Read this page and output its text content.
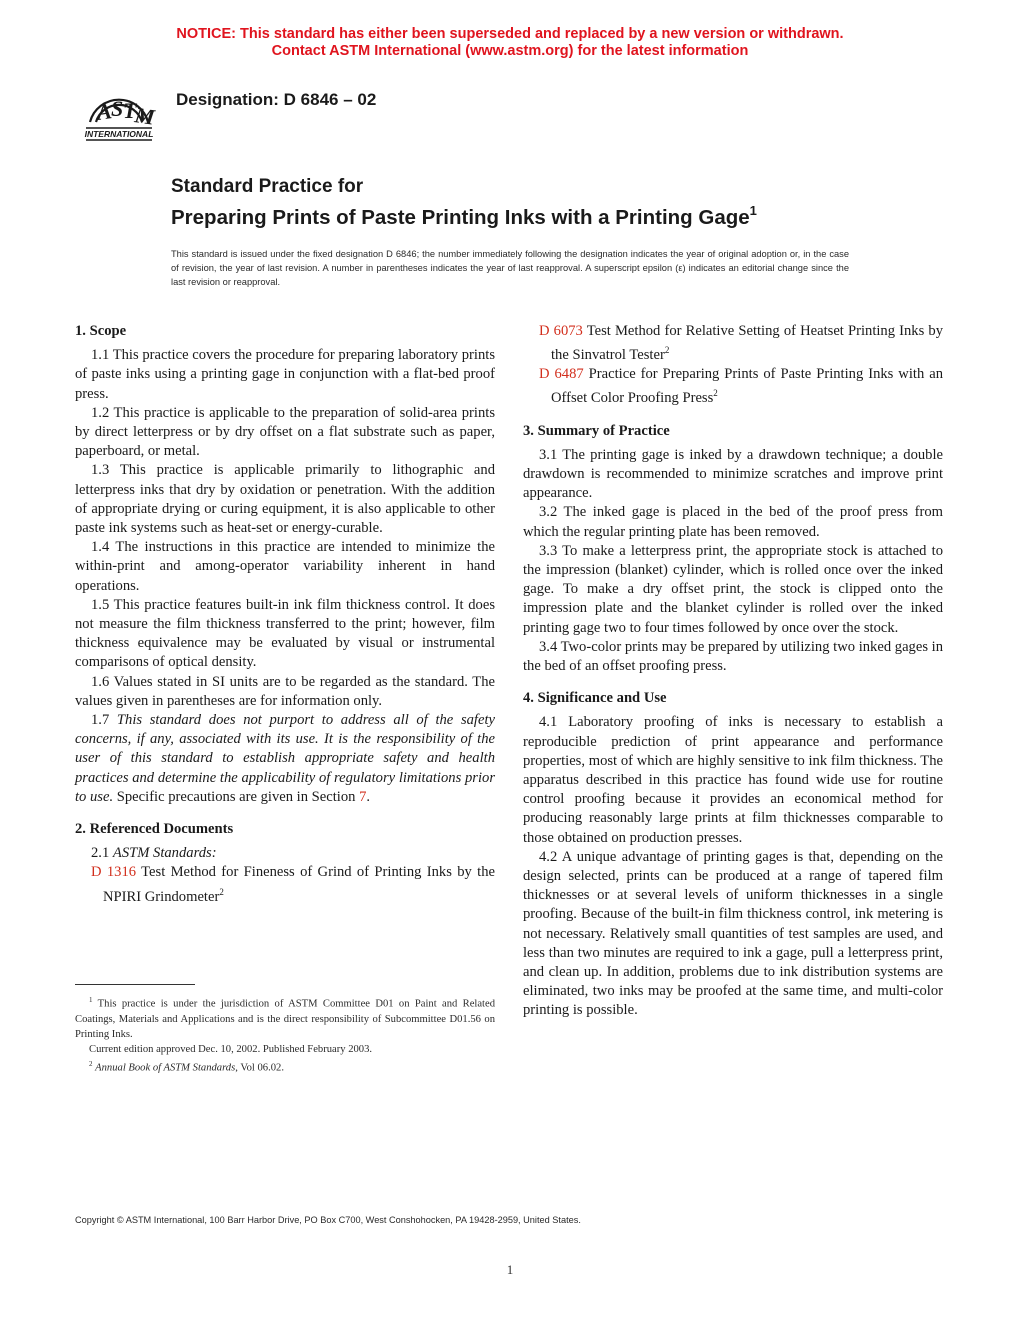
NOTICE: This standard has either been superseded and replaced by a new version or withdrawn.
Contact ASTM International (www.astm.org) for the latest information
A
S T
M
INTERNATIONAL
Designation: D 6846 – 02
Standard Practice for
Preparing Prints of Paste Printing Inks with a Printing Gage$^1$
This standard is issued under the fixed designation D 6846; the number immediately following the designation indicates the year of original adoption or, in the case of revision, the year of last revision. A number in parentheses indicates the year of last reapproval. A superscript epsilon (ε) indicates an editorial change since the last revision or reapproval.
1. Scope
1.1 This practice covers the procedure for preparing laboratory prints of paste inks using a printing gage in conjunction with a flat-bed proof press.
1.2 This practice is applicable to the preparation of solid-area prints by direct letterpress or by dry offset on a flat substrate such as paper, paperboard, or metal.
1.3 This practice is applicable primarily to lithographic and letterpress inks that dry by oxidation or penetration. With the addition of appropriate drying or curing equipment, it is also applicable to other paste ink systems such as heat-set or energy-curable.
1.4 The instructions in this practice are intended to minimize the within-print and among-operator variability inherent in hand operations.
1.5 This practice features built-in ink film thickness control. It does not measure the film thickness transferred to the print; however, film thickness equivalence may be evaluated by visual or instrumental comparisons of optical density.
1.6 Values stated in SI units are to be regarded as the standard. The values given in parentheses are for information only.
1.7 This standard does not purport to address all of the safety concerns, if any, associated with its use. It is the responsibility of the user of this standard to establish appropriate safety and health practices and determine the applicability of regulatory limitations prior to use. Specific precautions are given in Section 7.
2. Referenced Documents
2.1 ASTM Standards:
D 1316 Test Method for Fineness of Grind of Printing Inks by the NPIRI Grindometer$^2$
D 6073 Test Method for Relative Setting of Heatset Printing Inks by the Sinvatrol Tester$^2$
D 6487 Practice for Preparing Prints of Paste Printing Inks with an Offset Color Proofing Press$^2$
3. Summary of Practice
3.1 The printing gage is inked by a drawdown technique; a double drawdown is recommended to minimize scratches and improve print appearance.
3.2 The inked gage is placed in the bed of the proof press from which the regular printing plate has been removed.
3.3 To make a letterpress print, the appropriate stock is attached to the impression (blanket) cylinder, which is rolled once over the inked gage. To make a dry offset print, the stock is clipped onto the impression plate and the blanket cylinder is rolled over the inked printing gage two to four times followed by once over the stock.
3.4 Two-color prints may be prepared by utilizing two inked gages in the bed of an offset proofing press.
4. Significance and Use
4.1 Laboratory proofing of inks is necessary to establish a reproducible prediction of print appearance and performance properties, most of which are highly sensitive to ink film thickness. The apparatus described in this practice has found wide use for routine control proofing because it provides an economical method for producing reasonably large prints at film thicknesses comparable to those obtained on production presses.
4.2 A unique advantage of printing gages is that, depending on the design selected, prints can be produced at a range of tapered film thicknesses or at several levels of uniform thicknesses in a single proofing. Because of the built-in film thickness control, ink metering is not necessary. Relatively small quantities of test samples are used, and less than two minutes are required to ink a gage, pull a letterpress print, and clean up. In addition, problems due to ink distribution systems are eliminated, two inks may be proofed at the same time, and multi-color printing is possible.
$^1$ This practice is under the jurisdiction of ASTM Committee D01 on Paint and Related Coatings, Materials and Applications and is the direct responsibility of Subcommittee D01.56 on Printing Inks.
Current edition approved Dec. 10, 2002. Published February 2003.
$^2$ Annual Book of ASTM Standards, Vol 06.02.
Copyright © ASTM International, 100 Barr Harbor Drive, PO Box C700, West Conshohocken, PA 19428-2959, United States.
1
